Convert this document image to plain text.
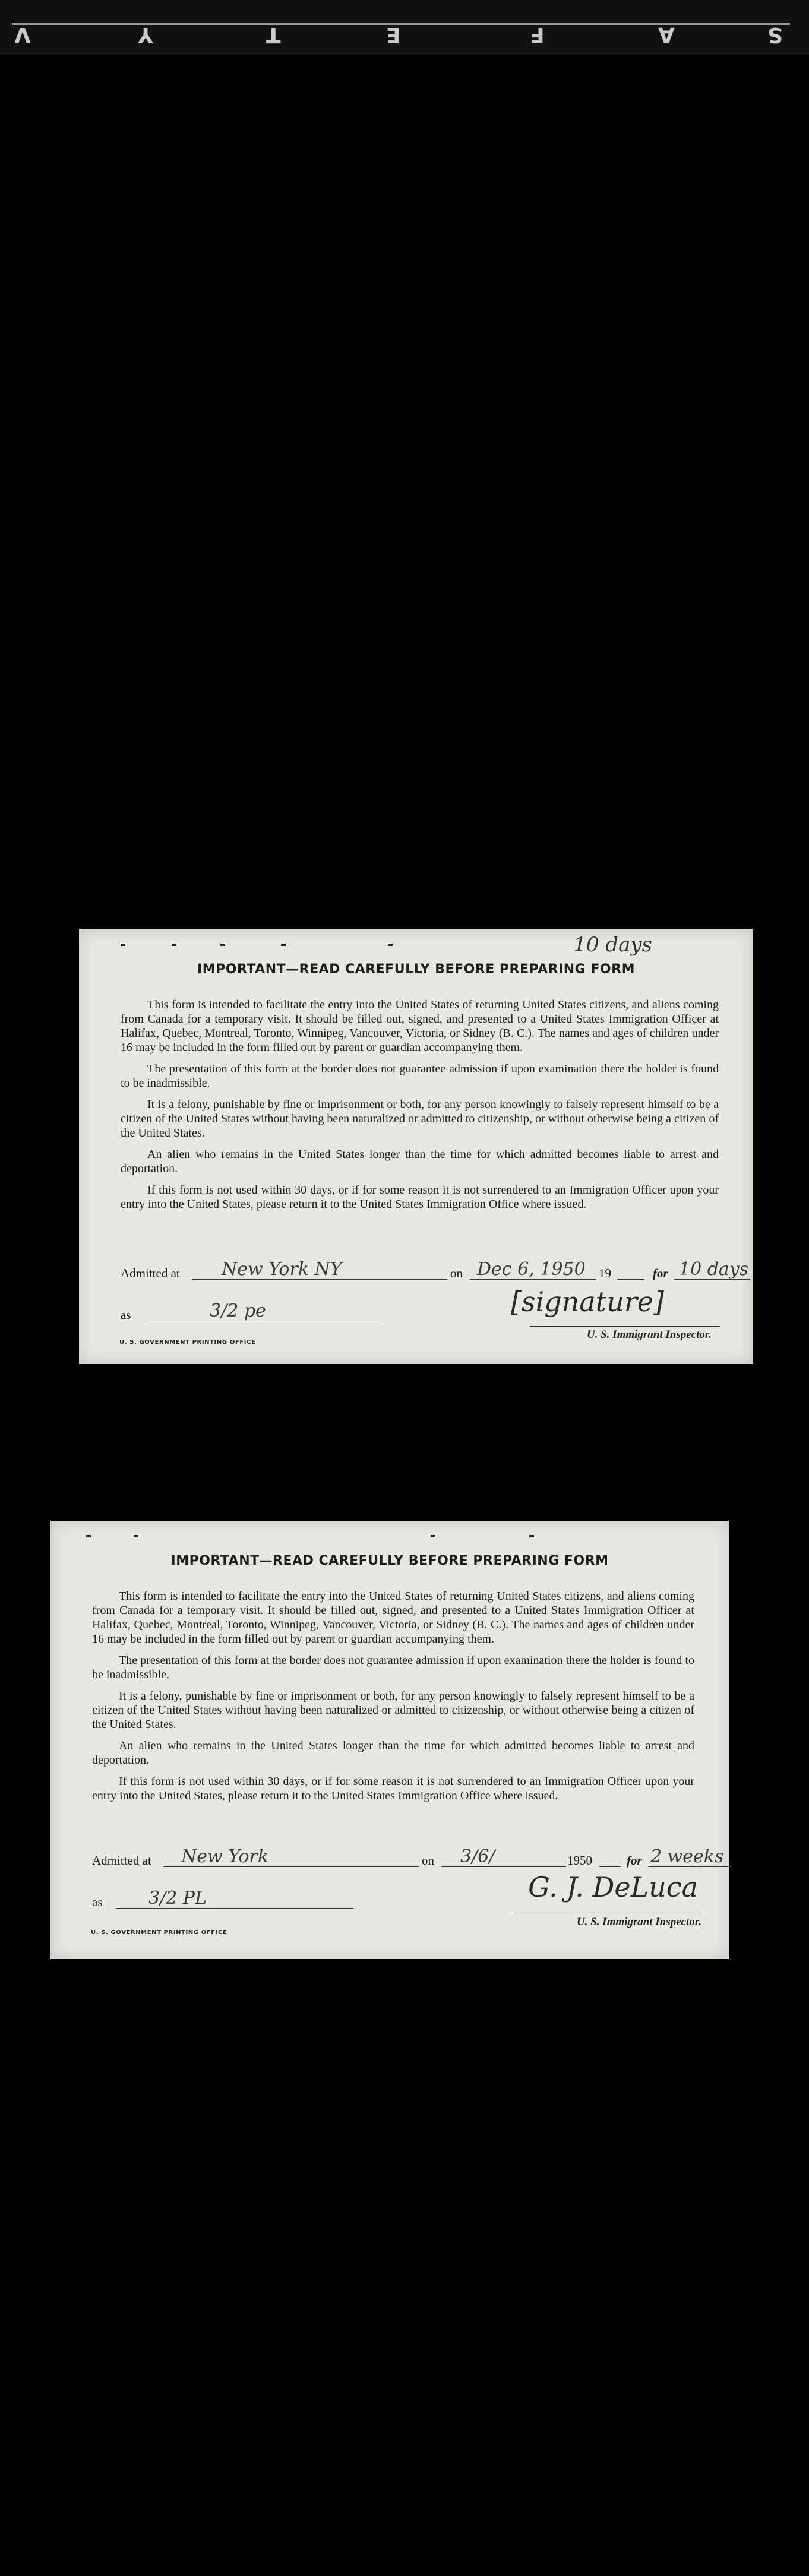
V	Y	T	E	F	A	S
10 days
IMPORTANT—READ CAREFULLY BEFORE PREPARING FORM

This form is intended to facilitate the entry into the United States of returning United States citizens, and aliens coming from Canada for a temporary visit. It should be filled out, signed, and presented to a United States Immigration Officer at Halifax, Quebec, Montreal, Toronto, Winnipeg, Vancouver, Victoria, or Sidney (B. C.). The names and ages of children under 16 may be included in the form filled out by parent or guardian accompanying them.

The presentation of this form at the border does not guarantee admission if upon examination there the holder is found to be inadmissible.

It is a felony, punishable by fine or imprisonment or both, for any person knowingly to falsely represent himself to be a citizen of the United States without having been naturalized or admitted to citizenship, or without otherwise being a citizen of the United States.

An alien who remains in the United States longer than the time for which admitted becomes liable to arrest and deportation.

If this form is not used within 30 days, or if for some reason it is not surrendered to an Immigration Officer upon your entry into the United States, please return it to the United States Immigration Office where issued.

Admitted at New York NY	on Dec 6, 1950 19	for 10 days
as	3/2 pe	[signature]
U. S. Immigrant Inspector.
U. S. GOVERNMENT PRINTING OFFICE
IMPORTANT—READ CAREFULLY BEFORE PREPARING FORM

This form is intended to facilitate the entry into the United States of returning United States citizens, and aliens coming from Canada for a temporary visit. It should be filled out, signed, and presented to a United States Immigration Officer at Halifax, Quebec, Montreal, Toronto, Winnipeg, Vancouver, Victoria, or Sidney (B. C.). The names and ages of children under 16 may be included in the form filled out by parent or guardian accompanying them.

The presentation of this form at the border does not guarantee admission if upon examination there the holder is found to be inadmissible.

It is a felony, punishable by fine or imprisonment or both, for any person knowingly to falsely represent himself to be a citizen of the United States without having been naturalized or admitted to citizenship, or without otherwise being a citizen of the United States.

An alien who remains in the United States longer than the time for which admitted becomes liable to arrest and deportation.

If this form is not used within 30 days, or if for some reason it is not surrendered to an Immigration Officer upon your entry into the United States, please return it to the United States Immigration Office where issued.

Admitted at New York	on 3/6/	1950	for 2 weeks
as	3/2 PL	G. J. DeLuca
U. S. Immigrant Inspector.
U. S. GOVERNMENT PRINTING OFFICE
